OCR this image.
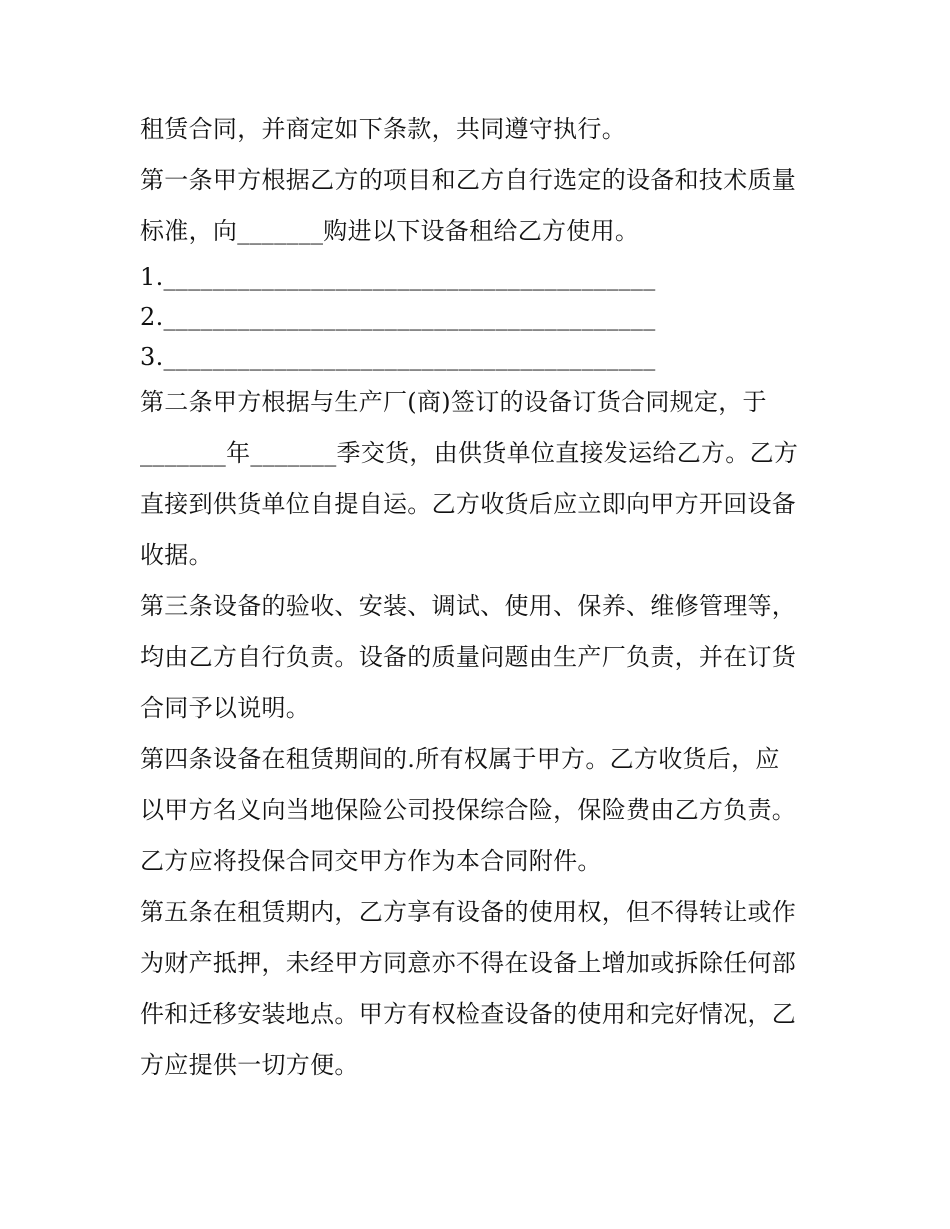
租赁合同，并商定如下条款，共同遵守执行。
第一条甲方根据乙方的项目和乙方自行选定的设备和技术质量
标准，向_______购进以下设备租给乙方使用。
1.________________________________________
2.________________________________________
3.________________________________________
第二条甲方根据与生产厂(商)签订的设备订货合同规定，于
_______年_______季交货，由供货单位直接发运给乙方。乙方
直接到供货单位自提自运。乙方收货后应立即向甲方开回设备
收据。
第三条设备的验收、安装、调试、使用、保养、维修管理等，
均由乙方自行负责。设备的质量问题由生产厂负责，并在订货
合同予以说明。
第四条设备在租赁期间的.所有权属于甲方。乙方收货后，应
以甲方名义向当地保险公司投保综合险，保险费由乙方负责。
乙方应将投保合同交甲方作为本合同附件。
第五条在租赁期内，乙方享有设备的使用权，但不得转让或作
为财产抵押，未经甲方同意亦不得在设备上增加或拆除任何部
件和迁移安装地点。甲方有权检查设备的使用和完好情况，乙
方应提供一切方便。
